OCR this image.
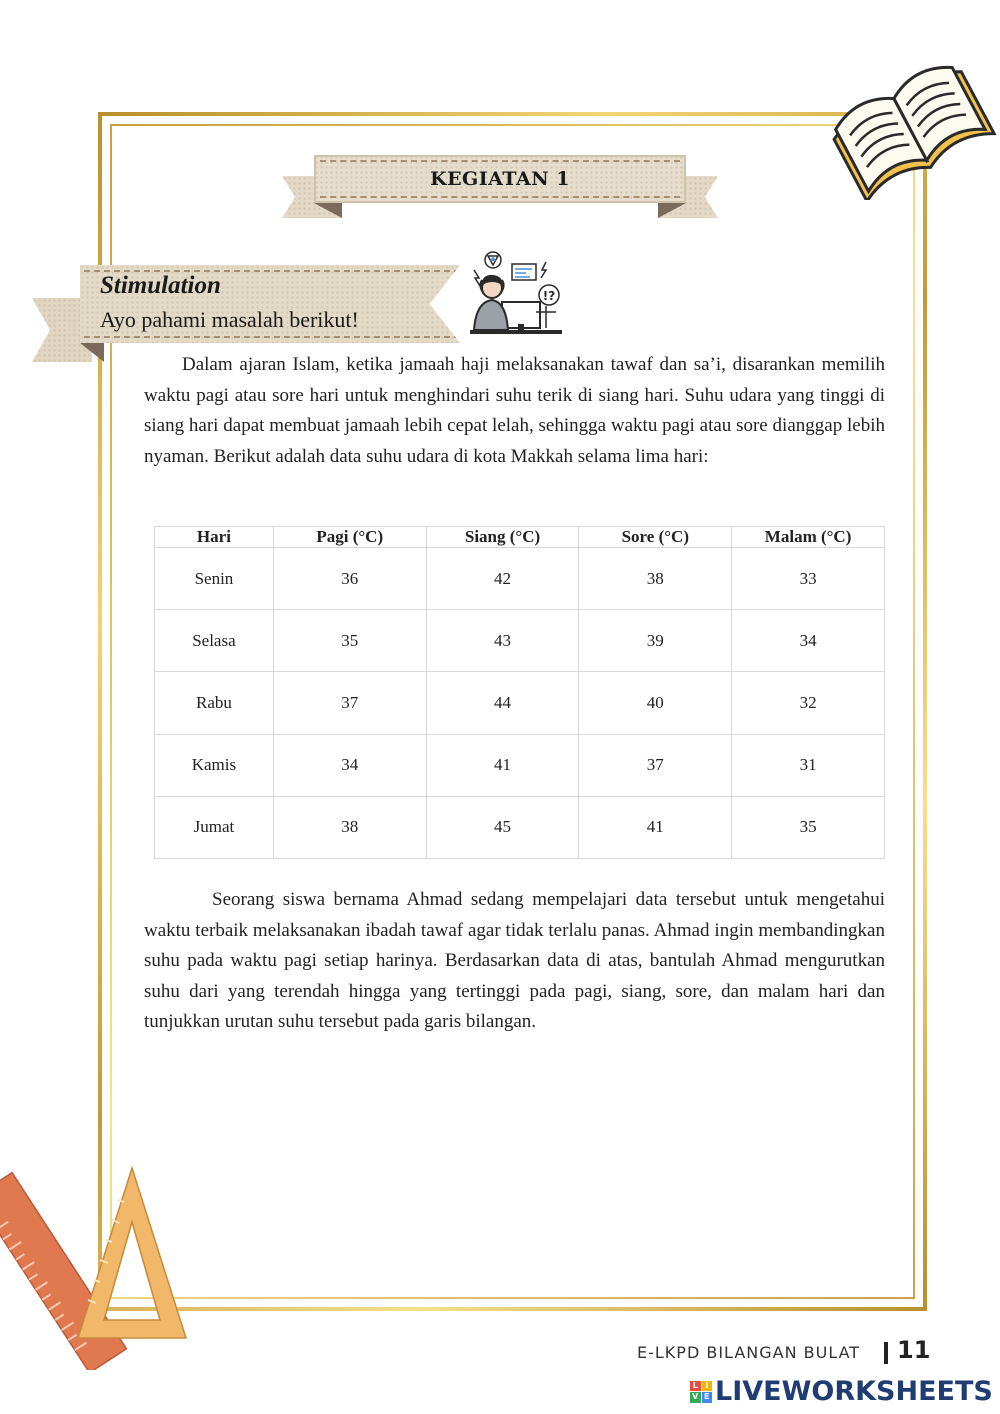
KEGIATAN 1
Stimulation
Ayo pahami masalah berikut!
!?

Dalam ajaran Islam, ketika jamaah haji melaksanakan tawaf dan sa’i, disarankan memilih waktu pagi atau sore hari untuk menghindari suhu terik di siang hari. Suhu udara yang tinggi di siang hari dapat membuat jamaah lebih cepat lelah, sehingga waktu pagi atau sore dianggap lebih nyaman. Berikut adalah data suhu udara di kota Makkah selama lima hari:

Hari	Pagi (°C)	Siang (°C)	Sore (°C)	Malam (°C)
Senin	36	42	38	33
Selasa	35	43	39	34
Rabu	37	44	40	32
Kamis	34	41	37	31
Jumat	38	45	41	35

Seorang siswa bernama Ahmad sedang mempelajari data tersebut untuk mengetahui waktu terbaik melaksanakan ibadah tawaf agar tidak terlalu panas. Ahmad ingin membandingkan suhu pada waktu pagi setiap harinya. Berdasarkan data di atas, bantulah Ahmad mengurutkan suhu dari yang terendah hingga yang tertinggi pada pagi, siang, sore, dan malam hari dan tunjukkan urutan suhu tersebut pada garis bilangan.

E-LKPD BILANGAN BULAT 11
L I
V E LIVEWORKSHEETS
